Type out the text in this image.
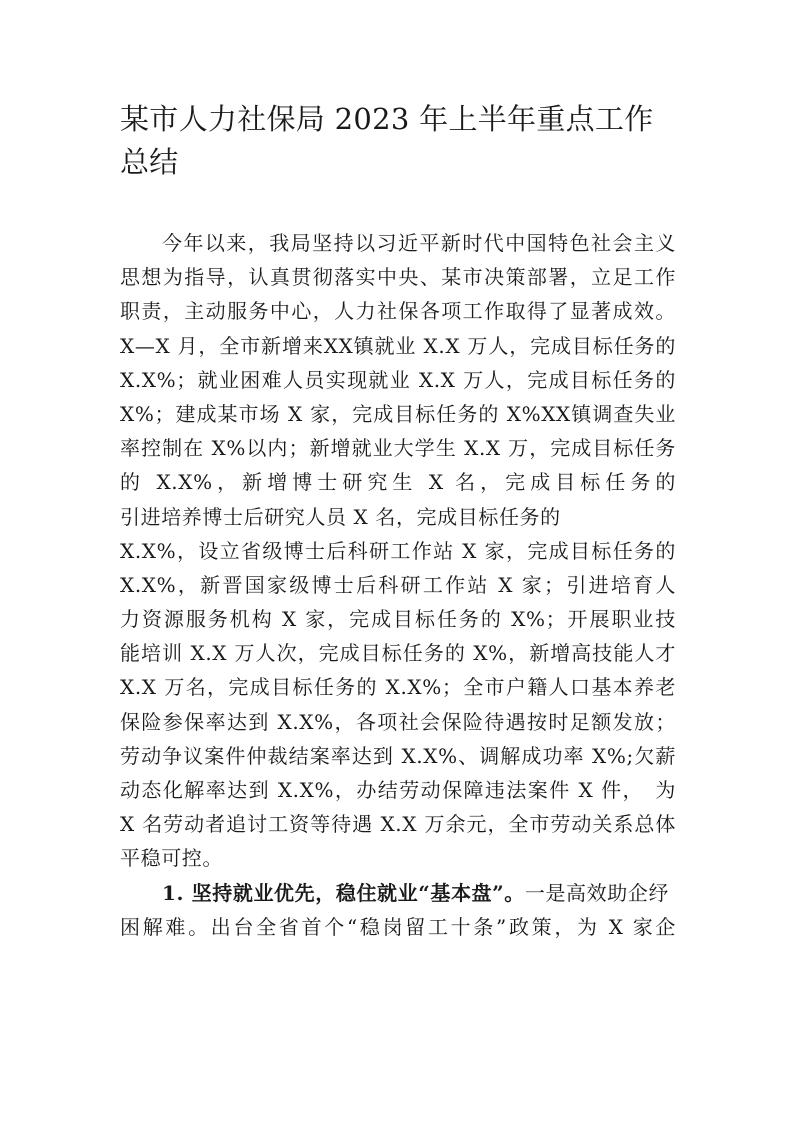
某市人力社保局 2023 年上半年重点工作总结
今年以来，我局坚持以习近平新时代中国特色社会主义
思想为指导，认真贯彻落实中央、某市决策部署，立足工作
职责，主动服务中心，人力社保各项工作取得了显著成效。
X—X 月，全市新增来XX镇就业 X.X 万人，完成目标任务的
X.X%；就业困难人员实现就业 X.X 万人，完成目标任务的
X%；建成某市场 X 家，完成目标任务的 X%XX镇调查失业
率控制在 X%以内；新增就业大学生 X.X 万，完成目标任务
的 X.X%，新增博士研究生 X 名，完成目标任务的
引进培养博士后研究人员 X 名，完成目标任务的
X.X%，设立省级博士后科研工作站 X 家，完成目标任务的
X.X%，新晋国家级博士后科研工作站 X 家；引进培育人
力资源服务机构 X 家，完成目标任务的 X%；开展职业技
能培训 X.X 万人次，完成目标任务的 X%，新增高技能人才
X.X 万名，完成目标任务的 X.X%；全市户籍人口基本养老
保险参保率达到 X.X%，各项社会保险待遇按时足额发放；
劳动争议案件仲裁结案率达到 X.X%、调解成功率 X%;欠薪
动态化解率达到 X.X%，办结劳动保障违法案件 X 件，　为
X 名劳动者追讨工资等待遇 X.X 万余元，全市劳动关系总体
平稳可控。
1. 坚持就业优先，稳住就业“基本盘”。一是高效助企纾
困解难。出台全省首个“稳岗留工十条”政策，为 X 家企
